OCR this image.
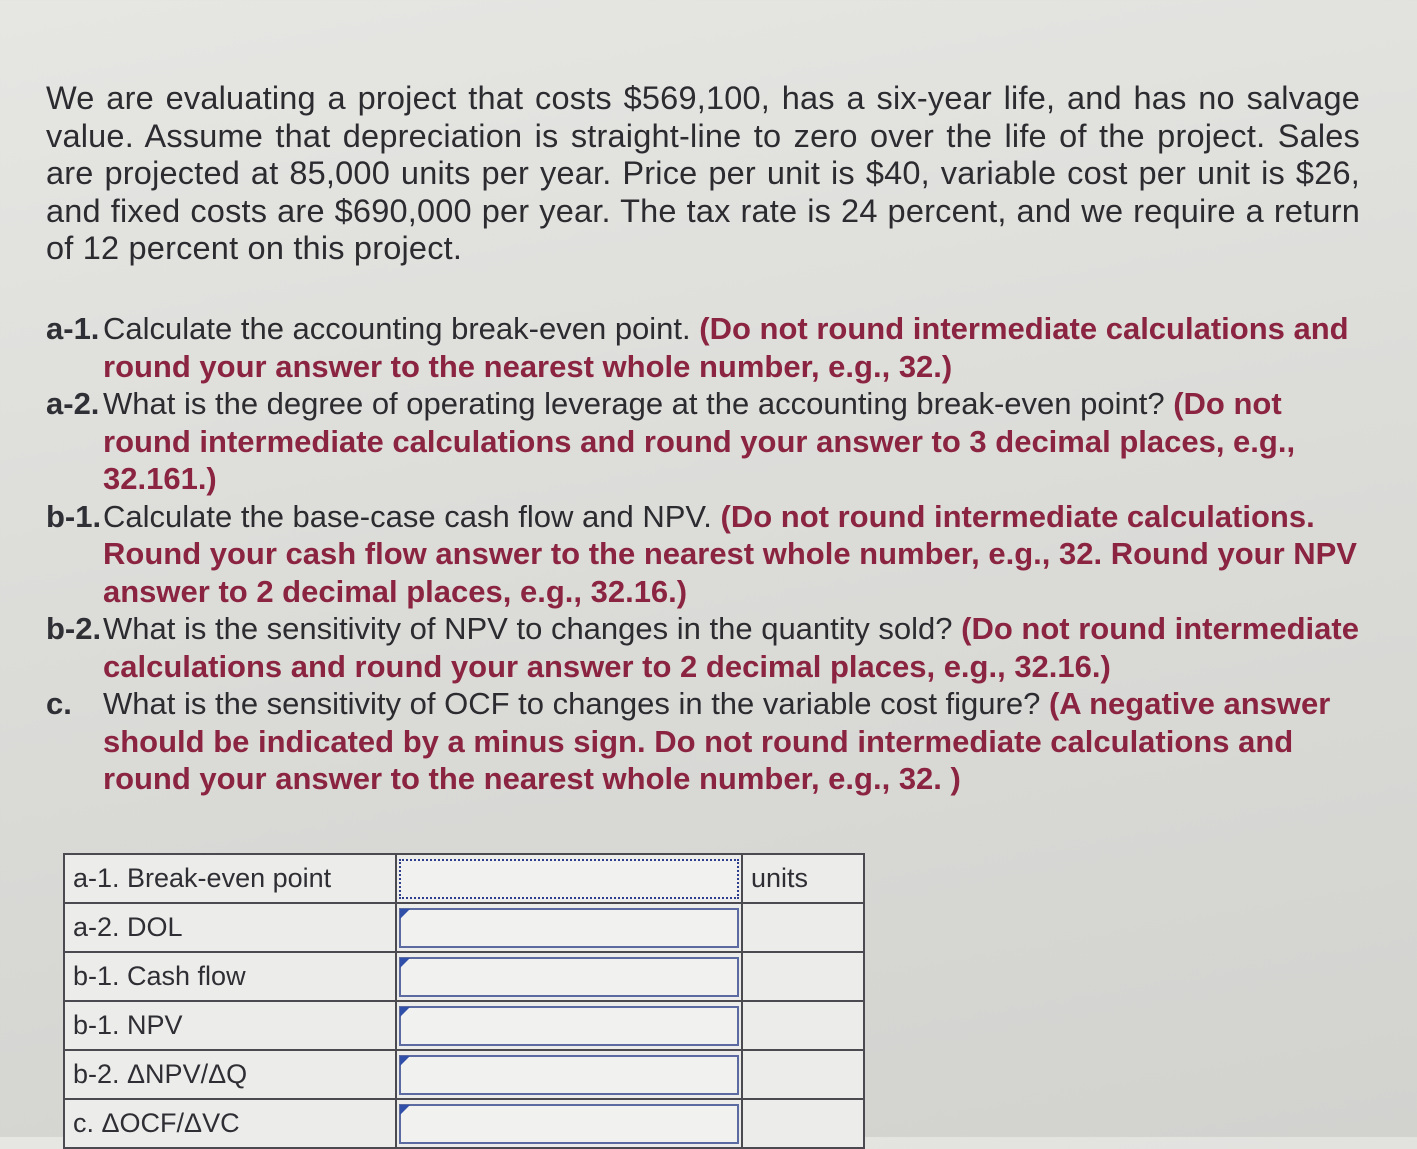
We are evaluating a project that costs $569,100, has a six-year life, and has no salvage value. Assume that depreciation is straight-line to zero over the life of the project. Sales are projected at 85,000 units per year. Price per unit is $40, variable cost per unit is $26, and fixed costs are $690,000 per year. The tax rate is 24 percent, and we require a return of 12 percent on this project.
a-1. Calculate the accounting break-even point. (Do not round intermediate calculations and round your answer to the nearest whole number, e.g., 32.)
a-2. What is the degree of operating leverage at the accounting break-even point? (Do not round intermediate calculations and round your answer to 3 decimal places, e.g., 32.161.)
b-1. Calculate the base-case cash flow and NPV. (Do not round intermediate calculations. Round your cash flow answer to the nearest whole number, e.g., 32. Round your NPV answer to 2 decimal places, e.g., 32.16.)
b-2. What is the sensitivity of NPV to changes in the quantity sold? (Do not round intermediate calculations and round your answer to 2 decimal places, e.g., 32.16.)
c.	What is the sensitivity of OCF to changes in the variable cost figure? (A negative answer should be indicated by a minus sign. Do not round intermediate calculations and round your answer to the nearest whole number, e.g., 32. )
a-1. Break-even point		units
a-2. DOL	

b-1. Cash flow	

b-1. NPV	

b-2. ΔNPV/ΔQ	

c. ΔOCF/ΔVC	
